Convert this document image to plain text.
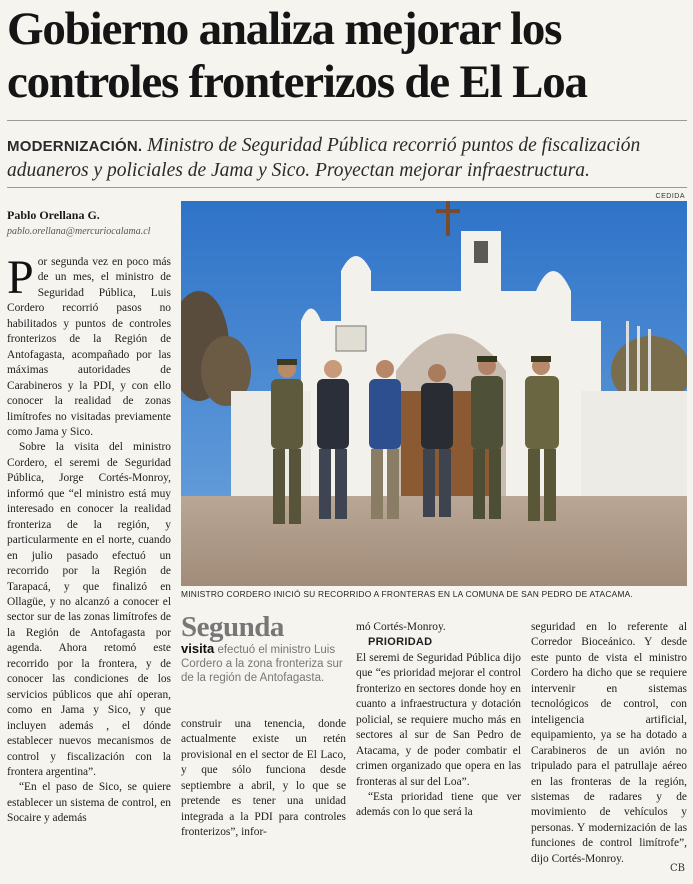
Gobierno analiza mejorar los controles fronterizos de El Loa

MODERNIZACIÓN. Ministro de Seguridad Pública recorrió puntos de fiscalización aduaneros y policiales de Jama y Sico. Proyectan mejorar infraestructura.

Pablo Orellana G.
pablo.orellana@mercuriocalama.cl

Por segunda vez en poco más de un mes, el ministro de Seguridad Pública, Luis Cordero recorrió pasos no habilitados y puntos de controles fronterizos de la Región de Antofagasta, acompañado por las máximas autoridades de Carabineros y la PDI, y con ello conocer la realidad de zonas limítrofes no visitadas previamente como Jama y Sico.

Sobre la visita del ministro Cordero, el seremi de Seguridad Pública, Jorge Cortés-Monroy, informó que “el ministro está muy interesado en conocer la realidad fronteriza de la región, y particularmente en el norte, cuando en julio pasado efectuó un recorrido por la Región de Tarapacá, y que finalizó en Ollagüe, y no alcanzó a conocer el sector sur de las zonas limítrofes de la Región de Antofagasta por agenda. Ahora retomó este recorrido por la frontera, y de conocer las condiciones de los servicios públicos que ahí operan, como en Jama y Sico, y que incluyen además , el dónde establecer nuevos mecanismos de control y fiscalización con la frontera argentina”.

“En el paso de Sico, se quiere establecer un sistema de control, en Socaire y además

CEDIDA
MINISTRO CORDERO INICIÓ SU RECORRIDO A FRONTERAS EN LA COMUNA DE SAN PEDRO DE ATACAMA.
Segunda
visita efectuó el ministro Luis Cordero a la zona fronteriza sur de la región de Antofagasta.

construir una tenencia, donde actualmente existe un retén provisional en el sector de El Laco, y que sólo funciona desde septiembre a abril, y lo que se pretende es tener una unidad integrada a la PDI para controles fronterizos”, infor-

mó Cortés-Monroy.

PRIORIDAD

El seremi de Seguridad Pública dijo que “es prioridad mejorar el control fronterizo en sectores donde hoy en cuanto a infraestructura y dotación policial, se requiere mucho más en sectores al sur de San Pedro de Atacama, y de poder combatir el crimen organizado que opera en las fronteras al sur del Loa”.

“Esta prioridad tiene que ver además con lo que será la

seguridad en lo referente al Corredor Bioceánico. Y desde este punto de vista el ministro Cordero ha dicho que se requiere intervenir en sistemas tecnológicos de control, con inteligencia artificial, equipamiento, ya se ha dotado a Carabineros de un avión no tripulado para el patrullaje aéreo en las fronteras de la región, sistemas de radares y de movimiento de vehículos y personas. Y modernización de las funciones de control limítrofe”, dijo Cortés-Monroy.

CB
